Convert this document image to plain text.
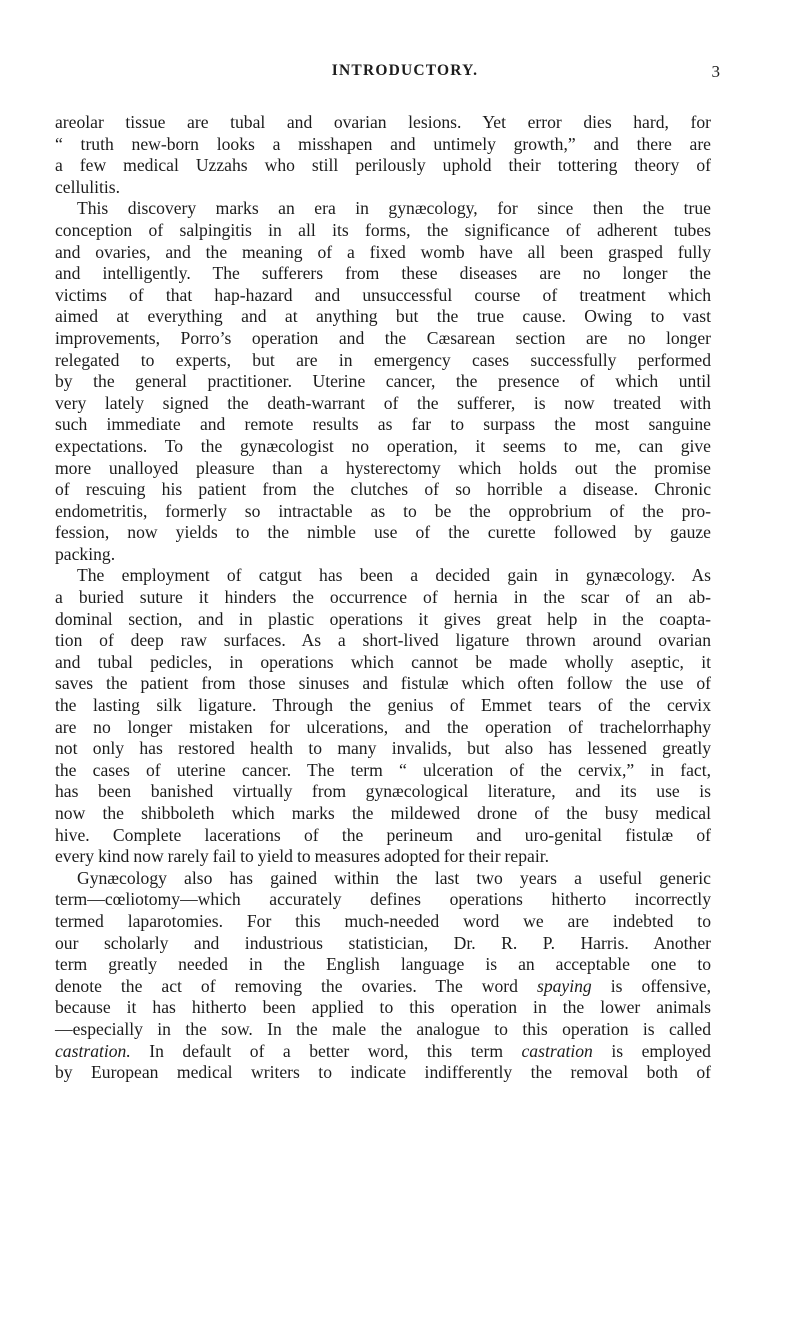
INTRODUCTORY.	3
areolar tissue are tubal and ovarian lesions. Yet error dies hard, for
“ truth new-born looks a misshapen and untimely growth,” and there are
a few medical Uzzahs who still perilously uphold their tottering theory of
cellulitis.
This discovery marks an era in gynæcology, for since then the true
conception of salpingitis in all its forms, the significance of adherent tubes
and ovaries, and the meaning of a fixed womb have all been grasped fully
and intelligently. The sufferers from these diseases are no longer the
victims of that hap-hazard and unsuccessful course of treatment which
aimed at everything and at anything but the true cause. Owing to vast
improvements, Porro’s operation and the Cæsarean section are no longer
relegated to experts, but are in emergency cases successfully performed
by the general practitioner. Uterine cancer, the presence of which until
very lately signed the death-warrant of the sufferer, is now treated with
such immediate and remote results as far to surpass the most sanguine
expectations. To the gynæcologist no operation, it seems to me, can give
more unalloyed pleasure than a hysterectomy which holds out the promise
of rescuing his patient from the clutches of so horrible a disease. Chronic
endometritis, formerly so intractable as to be the opprobrium of the pro-
fession, now yields to the nimble use of the curette followed by gauze
packing.
The employment of catgut has been a decided gain in gynæcology. As
a buried suture it hinders the occurrence of hernia in the scar of an ab-
dominal section, and in plastic operations it gives great help in the coapta-
tion of deep raw surfaces. As a short-lived ligature thrown around ovarian
and tubal pedicles, in operations which cannot be made wholly aseptic, it
saves the patient from those sinuses and fistulæ which often follow the use of
the lasting silk ligature. Through the genius of Emmet tears of the cervix
are no longer mistaken for ulcerations, and the operation of trachelorrhaphy
not only has restored health to many invalids, but also has lessened greatly
the cases of uterine cancer. The term “ ulceration of the cervix,” in fact,
has been banished virtually from gynæcological literature, and its use is
now the shibboleth which marks the mildewed drone of the busy medical
hive. Complete lacerations of the perineum and uro-genital fistulæ of
every kind now rarely fail to yield to measures adopted for their repair.
Gynæcology also has gained within the last two years a useful generic
term—cœliotomy—which accurately defines operations hitherto incorrectly
termed laparotomies. For this much-needed word we are indebted to
our scholarly and industrious statistician, Dr. R. P. Harris. Another
term greatly needed in the English language is an acceptable one to
denote the act of removing the ovaries. The word spaying is offensive,
because it has hitherto been applied to this operation in the lower animals
—especially in the sow. In the male the analogue to this operation is called
castration. In default of a better word, this term castration is employed
by European medical writers to indicate indifferently the removal both of
